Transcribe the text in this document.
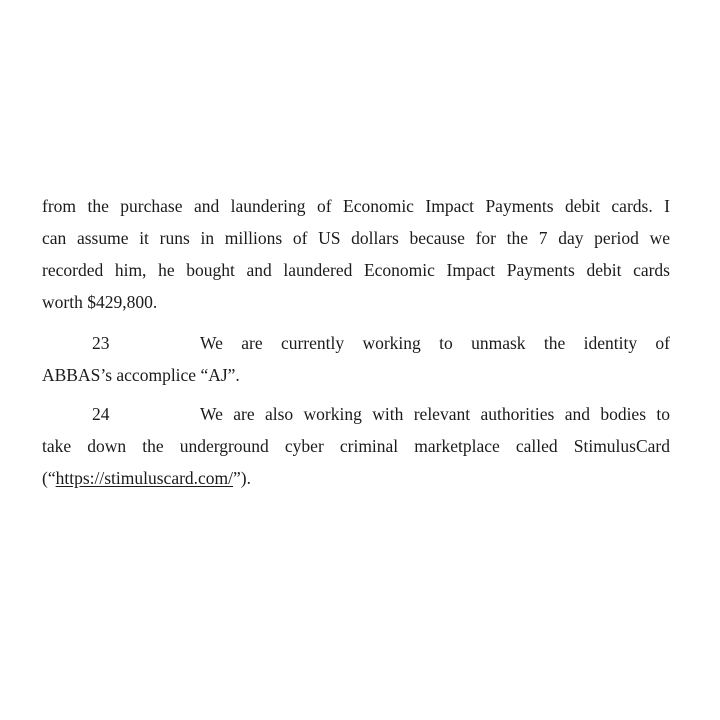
from the purchase and laundering of Economic Impact Payments debit cards. I
can assume it runs in millions of US dollars because for the 7 day period we
recorded him, he bought and laundered Economic Impact Payments debit cards
worth $429,800.
23	We are currently working to unmask the identity of
ABBAS’s accomplice “AJ”.
24	We are also working with relevant authorities and bodies to
take down the underground cyber criminal marketplace called StimulusCard
(“https://stimuluscard.com/”).
